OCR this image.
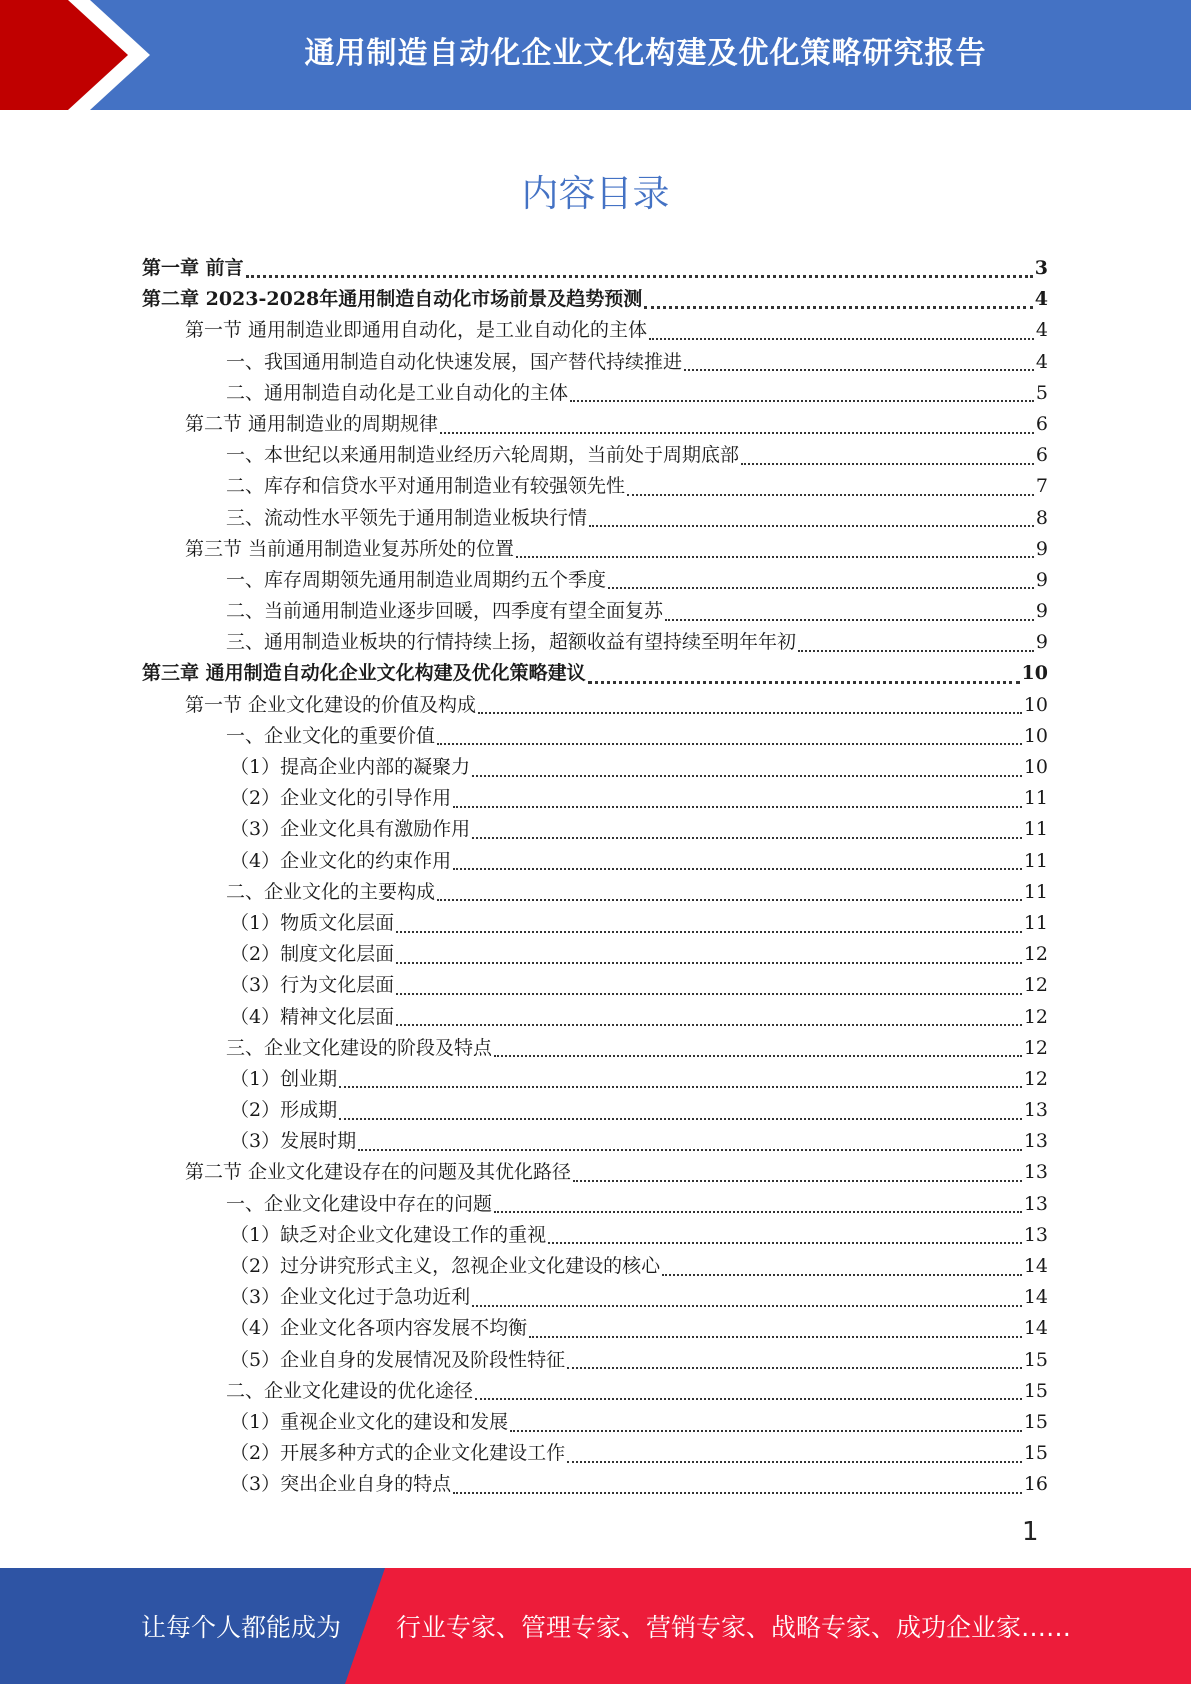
通用制造自动化企业文化构建及优化策略研究报告
内容目录
第一章 前言	3
第二章 2023-2028年通用制造自动化市场前景及趋势预测	4
第一节 通用制造业即通用自动化，是工业自动化的主体	4
一、我国通用制造自动化快速发展，国产替代持续推进	4
二、通用制造自动化是工业自动化的主体	5
第二节 通用制造业的周期规律	6
一、本世纪以来通用制造业经历六轮周期，当前处于周期底部	6
二、库存和信贷水平对通用制造业有较强领先性	7
三、流动性水平领先于通用制造业板块行情	8
第三节 当前通用制造业复苏所处的位置	9
一、库存周期领先通用制造业周期约五个季度	9
二、当前通用制造业逐步回暖，四季度有望全面复苏	9
三、通用制造业板块的行情持续上扬，超额收益有望持续至明年年初	9
第三章 通用制造自动化企业文化构建及优化策略建议	10
第一节 企业文化建设的价值及构成	10
一、企业文化的重要价值	10
（1）提高企业内部的凝聚力	10
（2）企业文化的引导作用	11
（3）企业文化具有激励作用	11
（4）企业文化的约束作用	11
二、企业文化的主要构成	11
（1）物质文化层面	11
（2）制度文化层面	12
（3）行为文化层面	12
（4）精神文化层面	12
三、企业文化建设的阶段及特点	12
（1）创业期	12
（2）形成期	13
（3）发展时期	13
第二节 企业文化建设存在的问题及其优化路径	13
一、企业文化建设中存在的问题	13
（1）缺乏对企业文化建设工作的重视	13
（2）过分讲究形式主义，忽视企业文化建设的核心	14
（3）企业文化过于急功近利	14
（4）企业文化各项内容发展不均衡	14
（5）企业自身的发展情况及阶段性特征	15
二、企业文化建设的优化途径	15
（1）重视企业文化的建设和发展	15
（2）开展多种方式的企业文化建设工作	15
（3）突出企业自身的特点	16
1
让每个人都能成为 行业专家、管理专家、营销专家、战略专家、成功企业家……
